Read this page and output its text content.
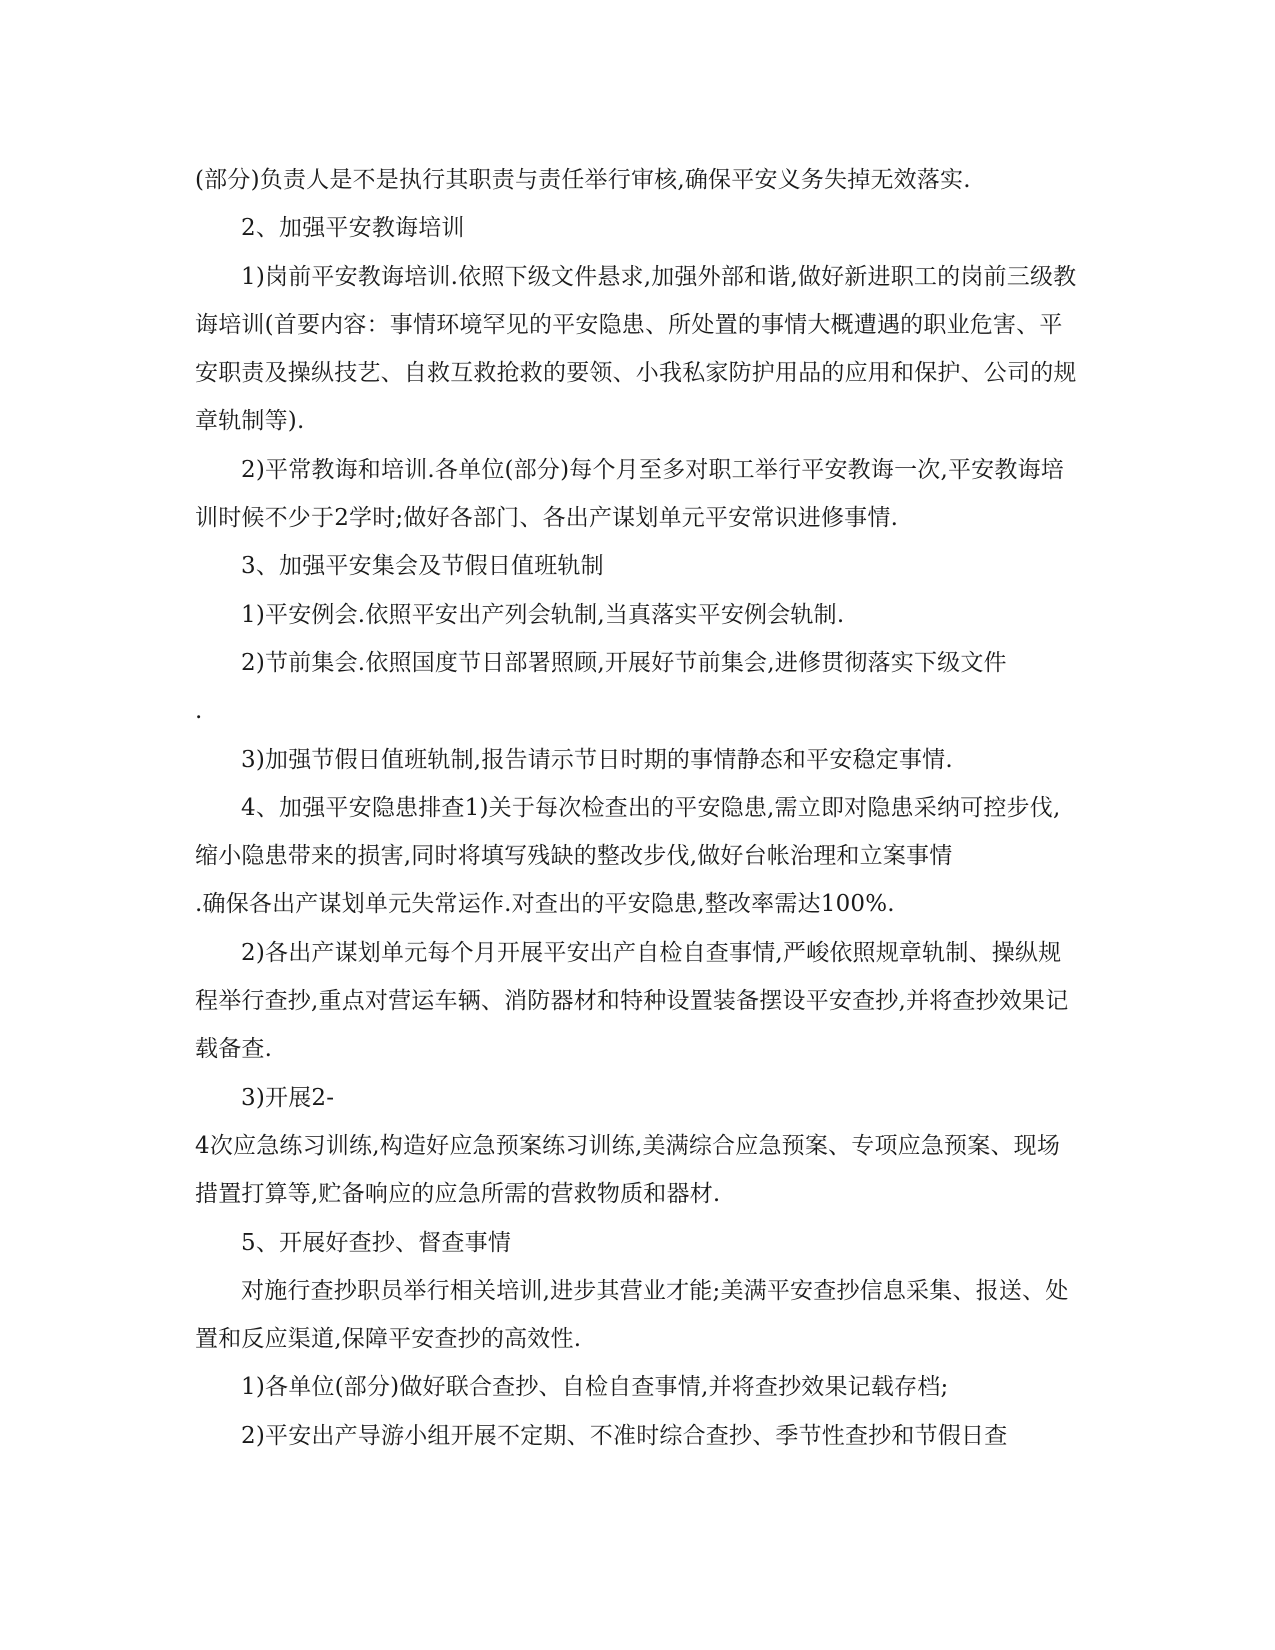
(部分)负责人是不是执行其职责与责任举行审核,确保平安义务失掉无效落实.

2、加强平安教诲培训

1)岗前平安教诲培训.依照下级文件悬求,加强外部和谐,做好新进职工的岗前三级教诲培训(首要内容：事情环境罕见的平安隐患、所处置的事情大概遭遇的职业危害、平安职责及操纵技艺、自救互救抢救的要领、小我私家防护用品的应用和保护、公司的规章轨制等).

2)平常教诲和培训.各单位(部分)每个月至多对职工举行平安教诲一次,平安教诲培训时候不少于2学时;做好各部门、各出产谋划单元平安常识进修事情.

3、加强平安集会及节假日值班轨制

1)平安例会.依照平安出产列会轨制,当真落实平安例会轨制.

2)节前集会.依照国度节日部署照顾,开展好节前集会,进修贯彻落实下级文件
.

3)加强节假日值班轨制,报告请示节日时期的事情静态和平安稳定事情.

4、加强平安隐患排查1)关于每次检查出的平安隐患,需立即对隐患采纳可控步伐,缩小隐患带来的损害,同时将填写残缺的整改步伐,做好台帐治理和立案事情
.确保各出产谋划单元失常运作.对查出的平安隐患,整改率需达100%.

2)各出产谋划单元每个月开展平安出产自检自查事情,严峻依照规章轨制、操纵规程举行查抄,重点对营运车辆、消防器材和特种设置装备摆设平安查抄,并将查抄效果记载备查.

3)开展2-

4次应急练习训练,构造好应急预案练习训练,美满综合应急预案、专项应急预案、现场措置打算等,贮备响应的应急所需的营救物质和器材.

5、开展好查抄、督查事情

对施行查抄职员举行相关培训,进步其营业才能;美满平安查抄信息采集、报送、处置和反应渠道,保障平安查抄的高效性.

1)各单位(部分)做好联合查抄、自检自查事情,并将查抄效果记载存档;

2)平安出产导游小组开展不定期、不准时综合查抄、季节性查抄和节假日查
